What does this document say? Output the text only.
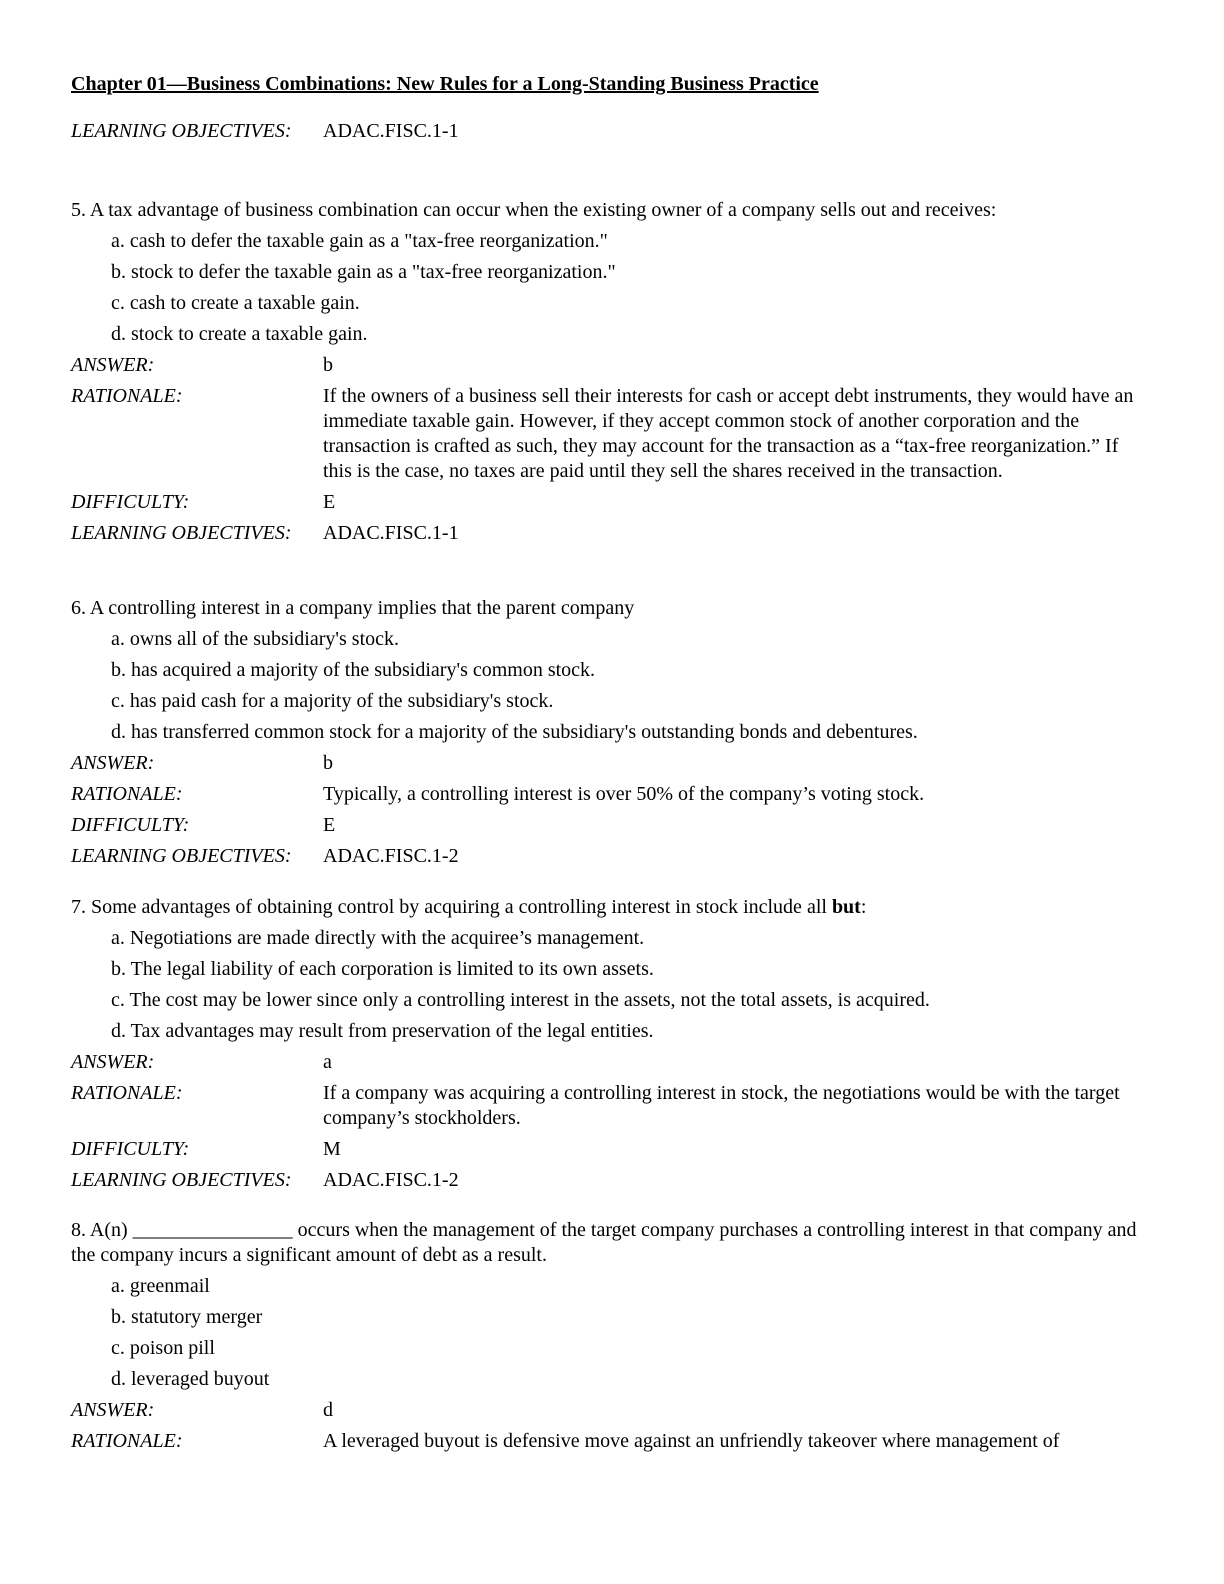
Chapter 01—Business Combinations: New Rules for a Long-Standing Business Practice

LEARNING OBJECTIVES:	ADAC.FISC.1-1

5. A tax advantage of business combination can occur when the existing owner of a company sells out and receives:

a. cash to defer the taxable gain as a "tax-free reorganization."
b. stock to defer the taxable gain as a "tax-free reorganization."
c. cash to create a taxable gain.
d. stock to create a taxable gain.
ANSWER:	b
RATIONALE:	If the owners of a business sell their interests for cash or accept debt instruments, they would have an immediate taxable gain. However, if they accept common stock of another corporation and the transaction is crafted as such, they may account for the transaction as a “tax-free reorganization.” If this is the case, no taxes are paid until they sell the shares received in the transaction.
DIFFICULTY:	E
LEARNING OBJECTIVES:	ADAC.FISC.1-1

6. A controlling interest in a company implies that the parent company

a. owns all of the subsidiary's stock.
b. has acquired a majority of the subsidiary's common stock.
c. has paid cash for a majority of the subsidiary's stock.
d. has transferred common stock for a majority of the subsidiary's outstanding bonds and debentures.
ANSWER:	b
RATIONALE:	Typically, a controlling interest is over 50% of the company’s voting stock.
DIFFICULTY:	E
LEARNING OBJECTIVES:	ADAC.FISC.1-2

7. Some advantages of obtaining control by acquiring a controlling interest in stock include all but:

a. Negotiations are made directly with the acquiree’s management.
b. The legal liability of each corporation is limited to its own assets.
c. The cost may be lower since only a controlling interest in the assets, not the total assets, is acquired.
d. Tax advantages may result from preservation of the legal entities.
ANSWER:	a
RATIONALE:	If a company was acquiring a controlling interest in stock, the negotiations would be with the target company’s stockholders.
DIFFICULTY:	M
LEARNING OBJECTIVES:	ADAC.FISC.1-2

8. A(n) ________________ occurs when the management of the target company purchases a controlling interest in that company and the company incurs a significant amount of debt as a result.

a. greenmail
b. statutory merger
c. poison pill
d. leveraged buyout
ANSWER:	d
RATIONALE:	A leveraged buyout is defensive move against an unfriendly takeover where management of
